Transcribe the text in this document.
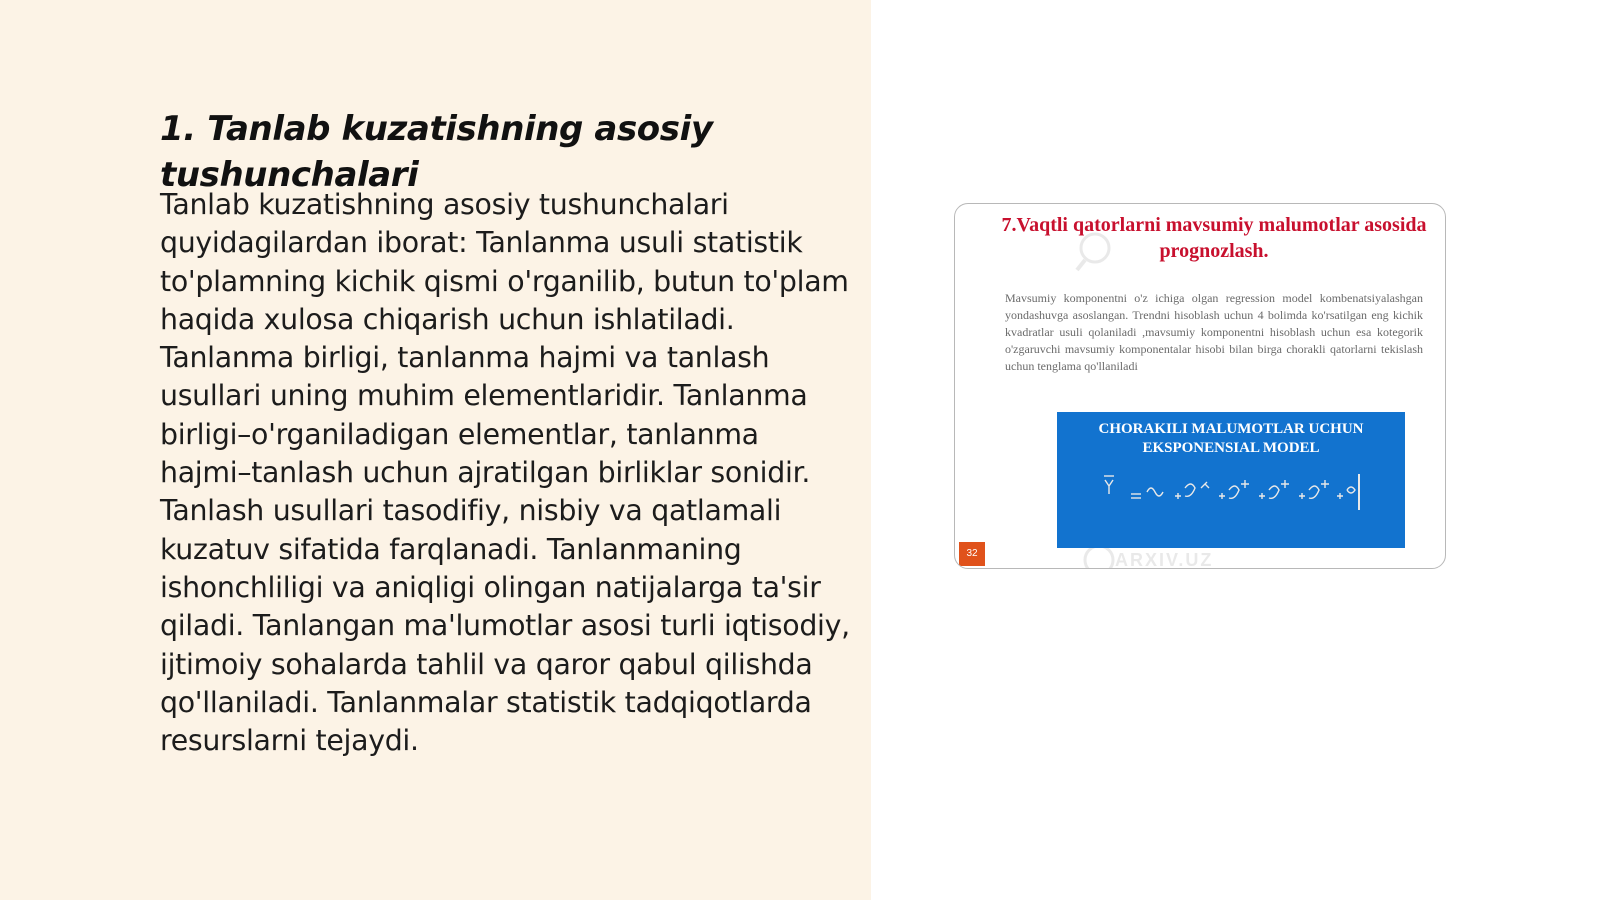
1. Tanlab kuzatishning asosiy tushunchalari

Tanlab kuzatishning asosiy tushunchalari quyidagilardan iborat: Tanlanma usuli statistik to'plamning kichik qismi o'rganilib, butun to'plam haqida xulosa chiqarish uchun ishlatiladi. Tanlanma birligi, tanlanma hajmi va tanlash usullari uning muhim elementlaridir. Tanlanma birligi–o'rganiladigan elementlar, tanlanma hajmi–tanlash uchun ajratilgan birliklar sonidir. Tanlash usullari tasodifiy, nisbiy va qatlamali kuzatuv sifatida farqlanadi. Tanlanmaning ishonchliligi va aniqligi olingan natijalarga ta'sir qiladi. Tanlangan ma'lumotlar asosi turli iqtisodiy, ijtimoiy sohalarda tahlil va qaror qabul qilishda qo'llaniladi. Tanlanmalar statistik tadqiqotlarda resurslarni tejaydi.

ARXIV.UZ
7.Vaqtli qatorlarni mavsumiy malumotlar asosida prognozlash.
Mavsumiy komponentni o'z ichiga olgan regression model kombenatsiyalashgan yondashuvga asoslangan. Trendni hisoblash uchun 4 bolimda ko'rsatilgan eng kichik kvadratlar usuli qolaniladi ,mavsumiy komponentni hisoblash uchun esa kotegorik o'zgaruvchi mavsumiy komponentalar hisobi bilan birga chorakli qatorlarni tekislash uchun tenglama qo'llaniladi
CHORAKILI MALUMOTLAR UCHUN EKSPONENSIAL MODEL
32
